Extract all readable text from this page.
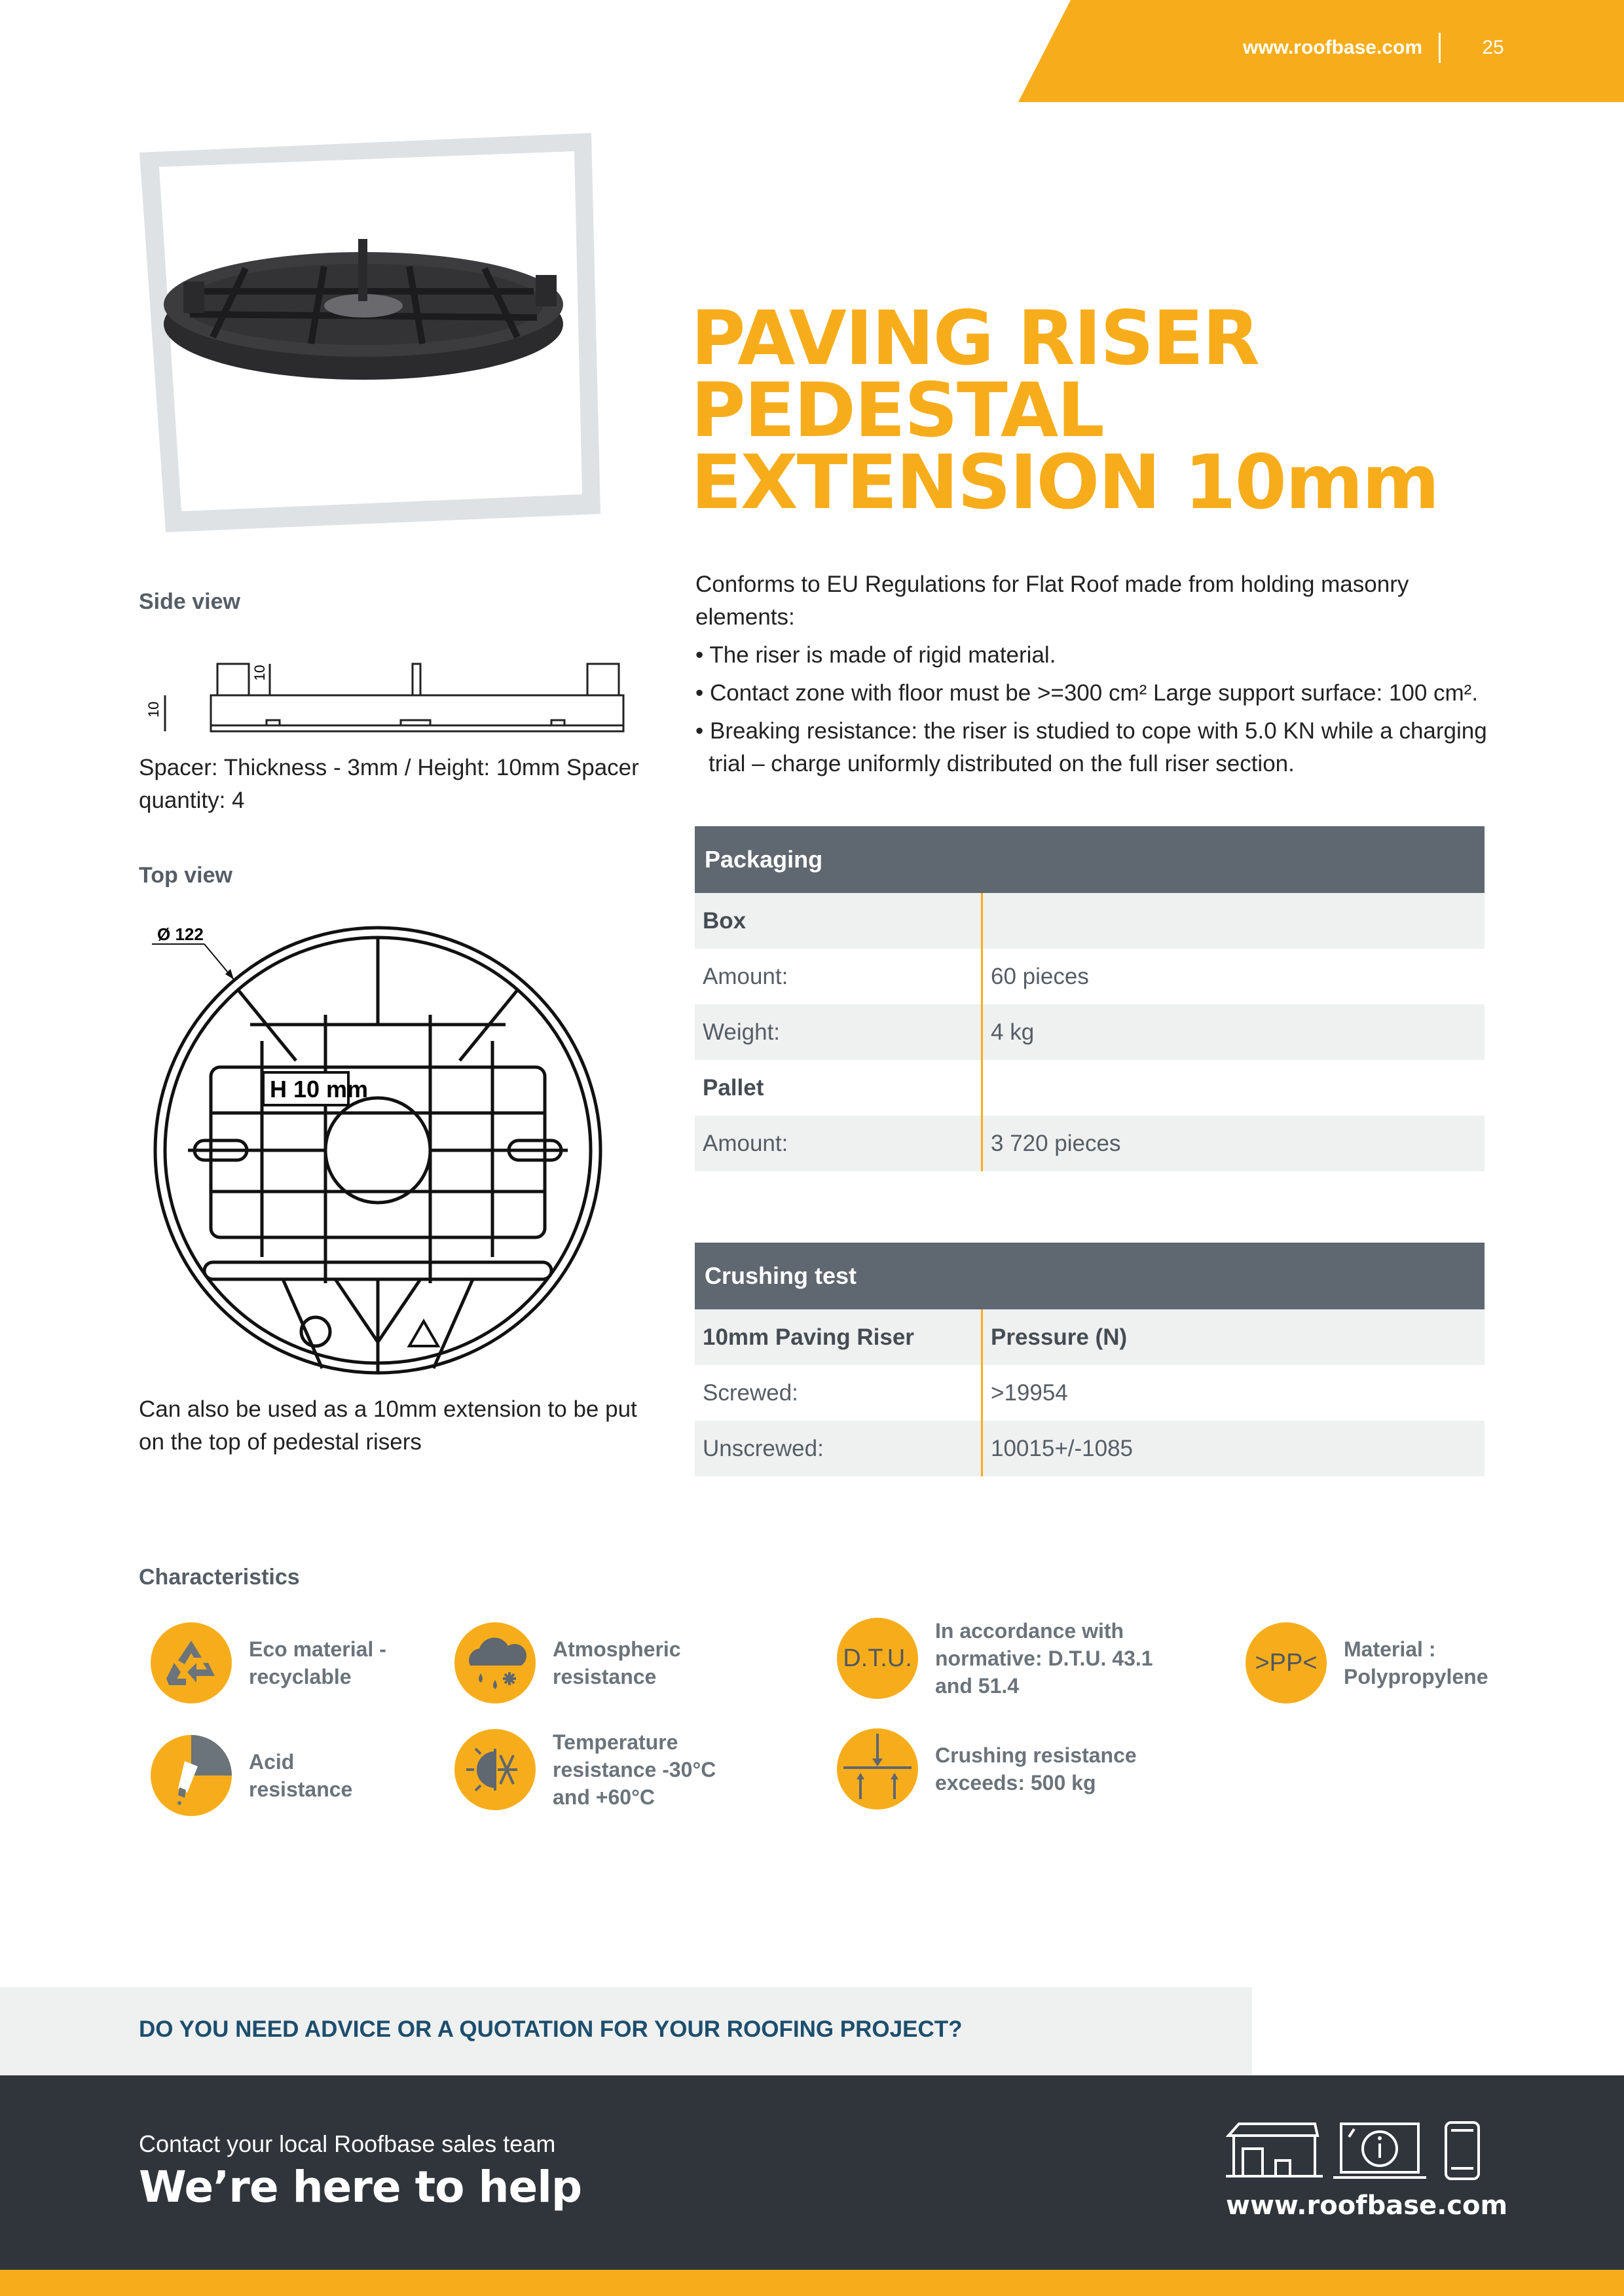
www.roofbase.com	25
PAVING RISER
PEDESTAL
EXTENSION 10mm
Side view
10
10
Spacer: Thickness - 3mm / Height: 10mm Spacer quantity: 4
Top view
H 10 mm
Ø 122
Can also be used as a 10mm extension to be put on the top of pedestal risers

Conforms to EU Regulations for Flat Roof made from holding masonry elements:

• The riser is made of rigid material.

• Contact zone with floor must be >=300 cm² Large support surface: 100 cm².

• Breaking resistance: the riser is studied to cope with 5.0 KN while a charging trial – charge uniformly distributed on the full riser section.

Packaging
Box
Amount:	60 pieces
Weight:	4 kg
Pallet
Amount:	3 720 pieces
Crushing test
10mm Paving Riser	Pressure (N)
Screwed:	>19954
Unscrewed:	10015+/-1085
Characteristics
Eco material -
recyclable
Atmospheric
resistance
D.T.U.
In accordance with
normative: D.T.U. 43.1
and 51.4
>PP<	Material :
Polypropylene
Acid
resistance
Temperature
resistance -30°C
and +60°C
Crushing resistance
exceeds: 500 kg
DO YOU NEED ADVICE OR A QUOTATION FOR YOUR ROOFING PROJECT?
Contact your local Roofbase sales team
We’re here to help	www.roofbase.com
